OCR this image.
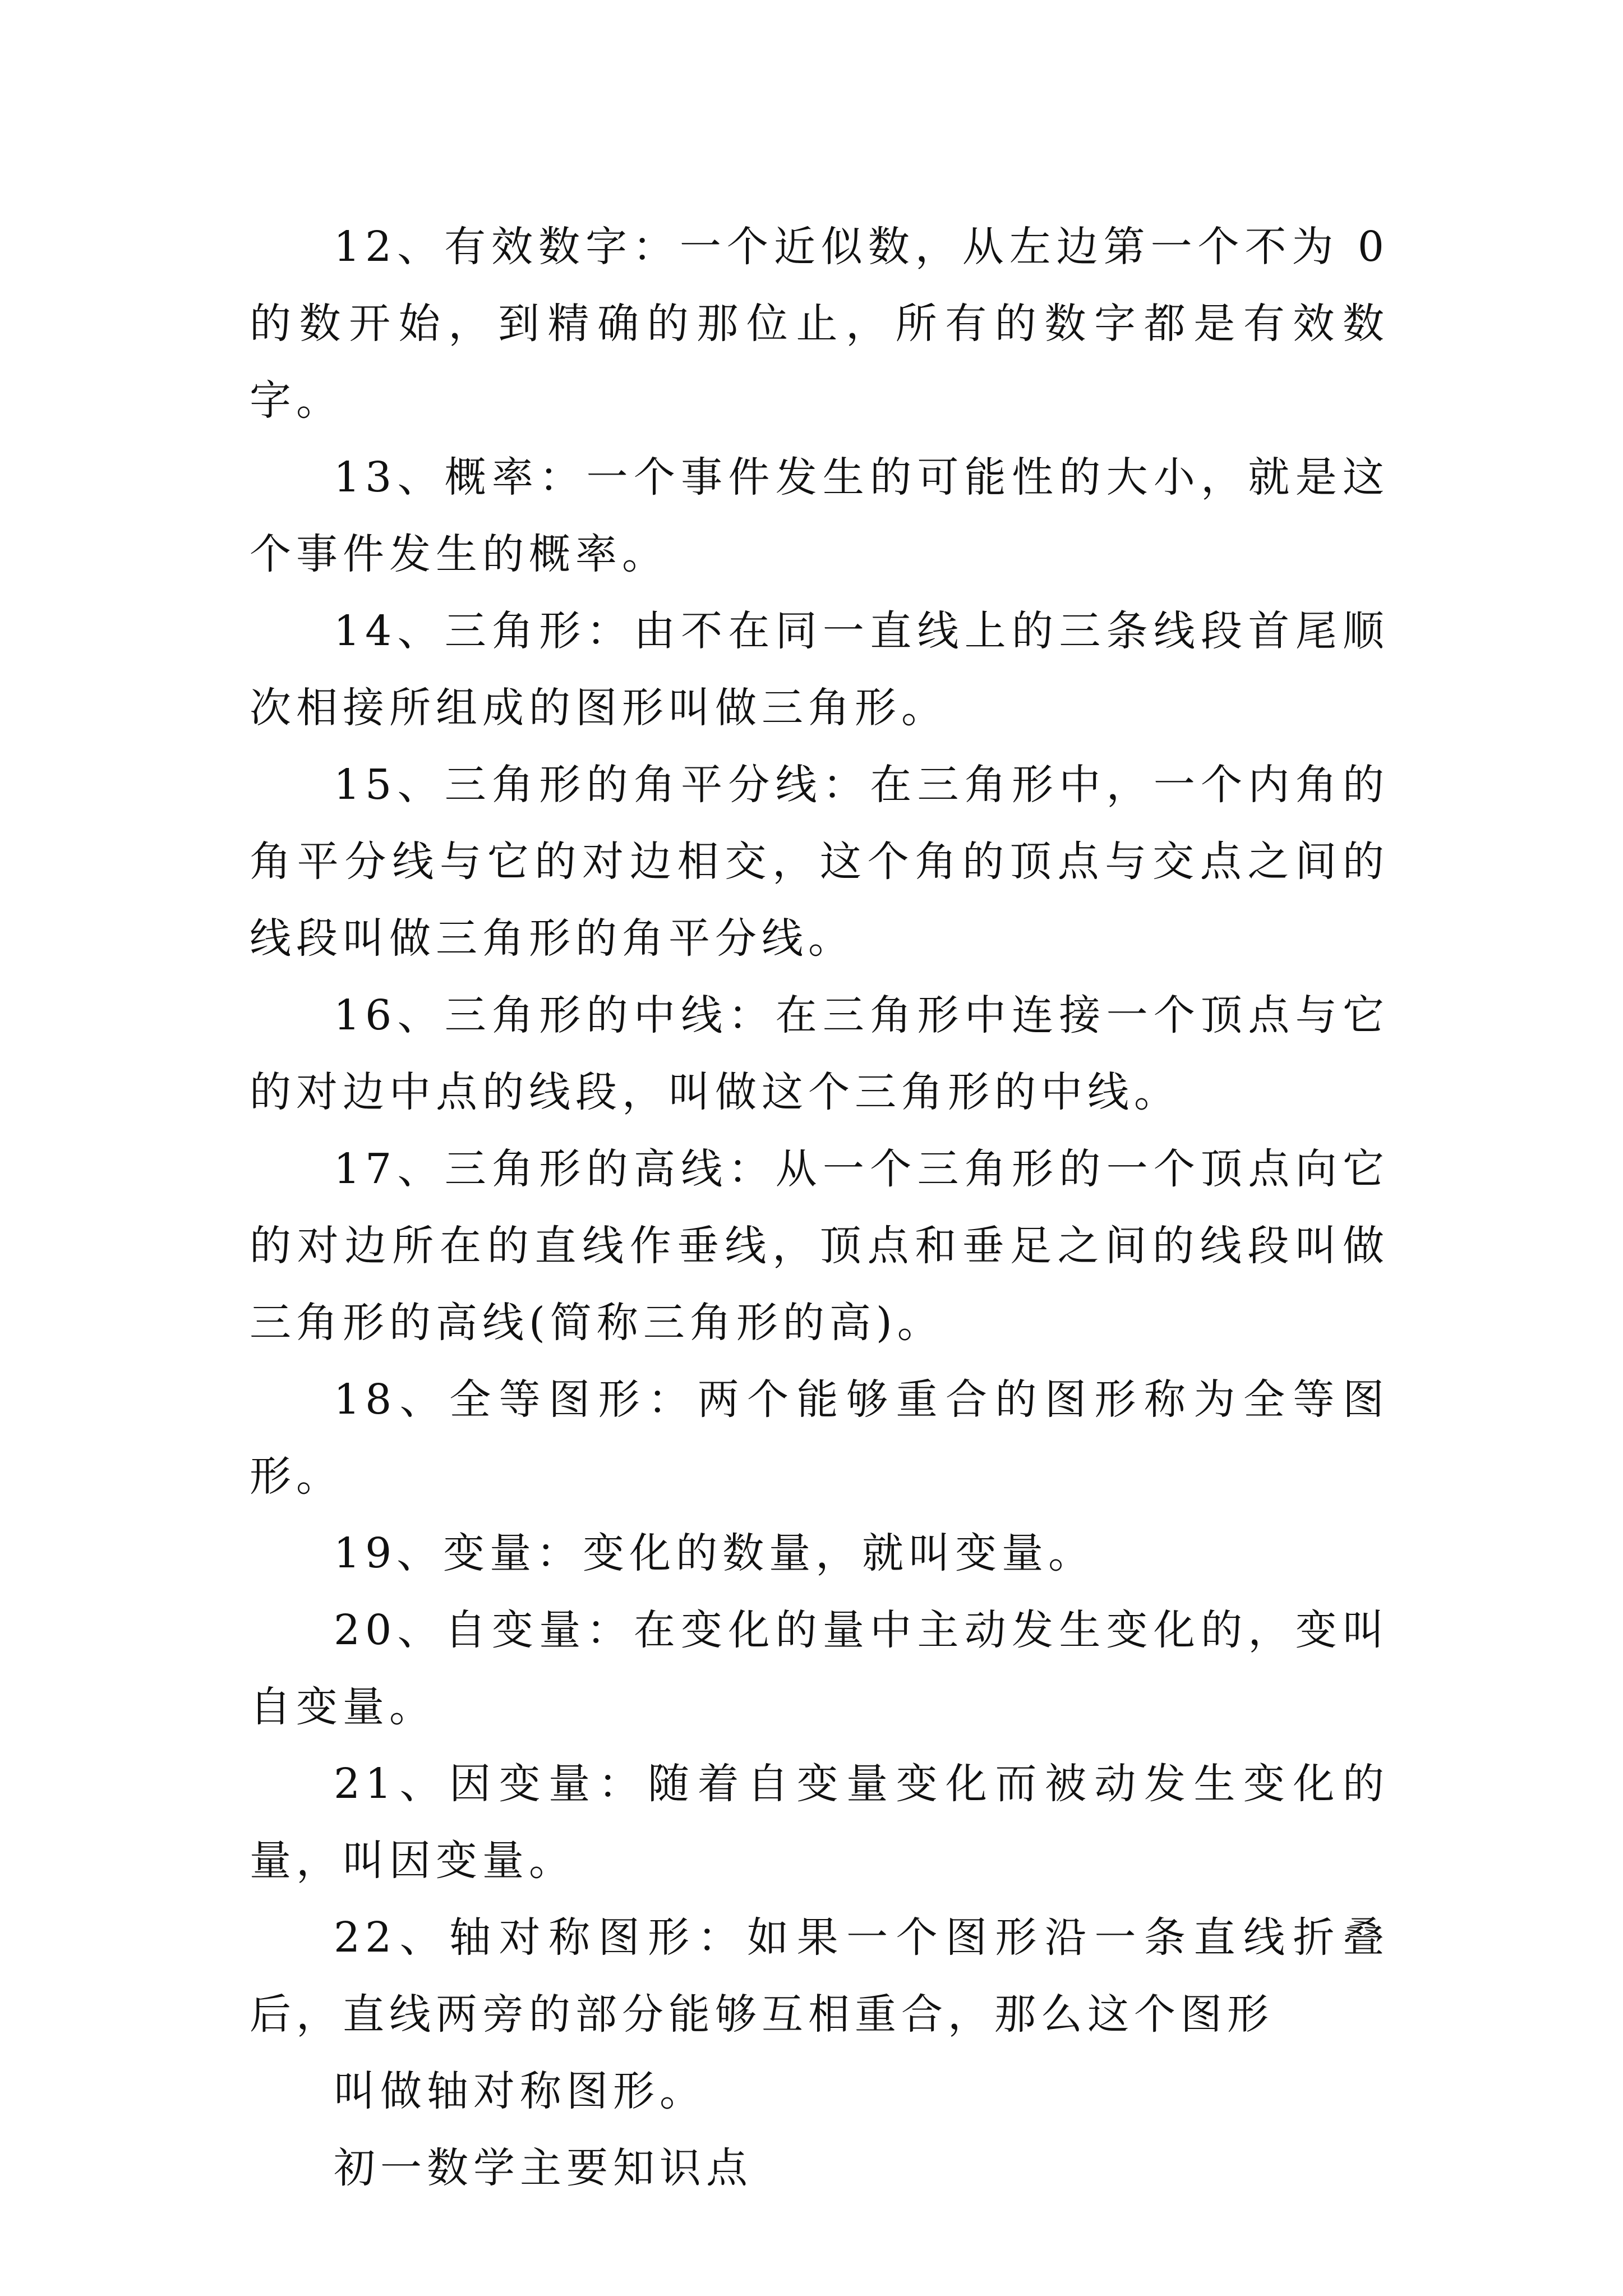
12、有效数字：一个近似数，从左边第一个不为 0 的数开始，到精确的那位止，所有的数字都是有效数字。

13、概率：一个事件发生的可能性的大小，就是这个事件发生的概率。

14、三角形：由不在同一直线上的三条线段首尾顺次相接所组成的图形叫做三角形。

15、三角形的角平分线：在三角形中，一个内角的角平分线与它的对边相交，这个角的顶点与交点之间的线段叫做三角形的角平分线。

16、三角形的中线：在三角形中连接一个顶点与它的对边中点的线段，叫做这个三角形的中线。

17、三角形的高线：从一个三角形的一个顶点向它的对边所在的直线作垂线，顶点和垂足之间的线段叫做三角形的高线(简称三角形的高)。

18、全等图形：两个能够重合的图形称为全等图形。

19、变量：变化的数量，就叫变量。

20、自变量：在变化的量中主动发生变化的，变叫自变量。

21、因变量：随着自变量变化而被动发生变化的量，叫因变量。

22、轴对称图形：如果一个图形沿一条直线折叠后，直线两旁的部分能够互相重合，那么这个图形

叫做轴对称图形。

初一数学主要知识点
